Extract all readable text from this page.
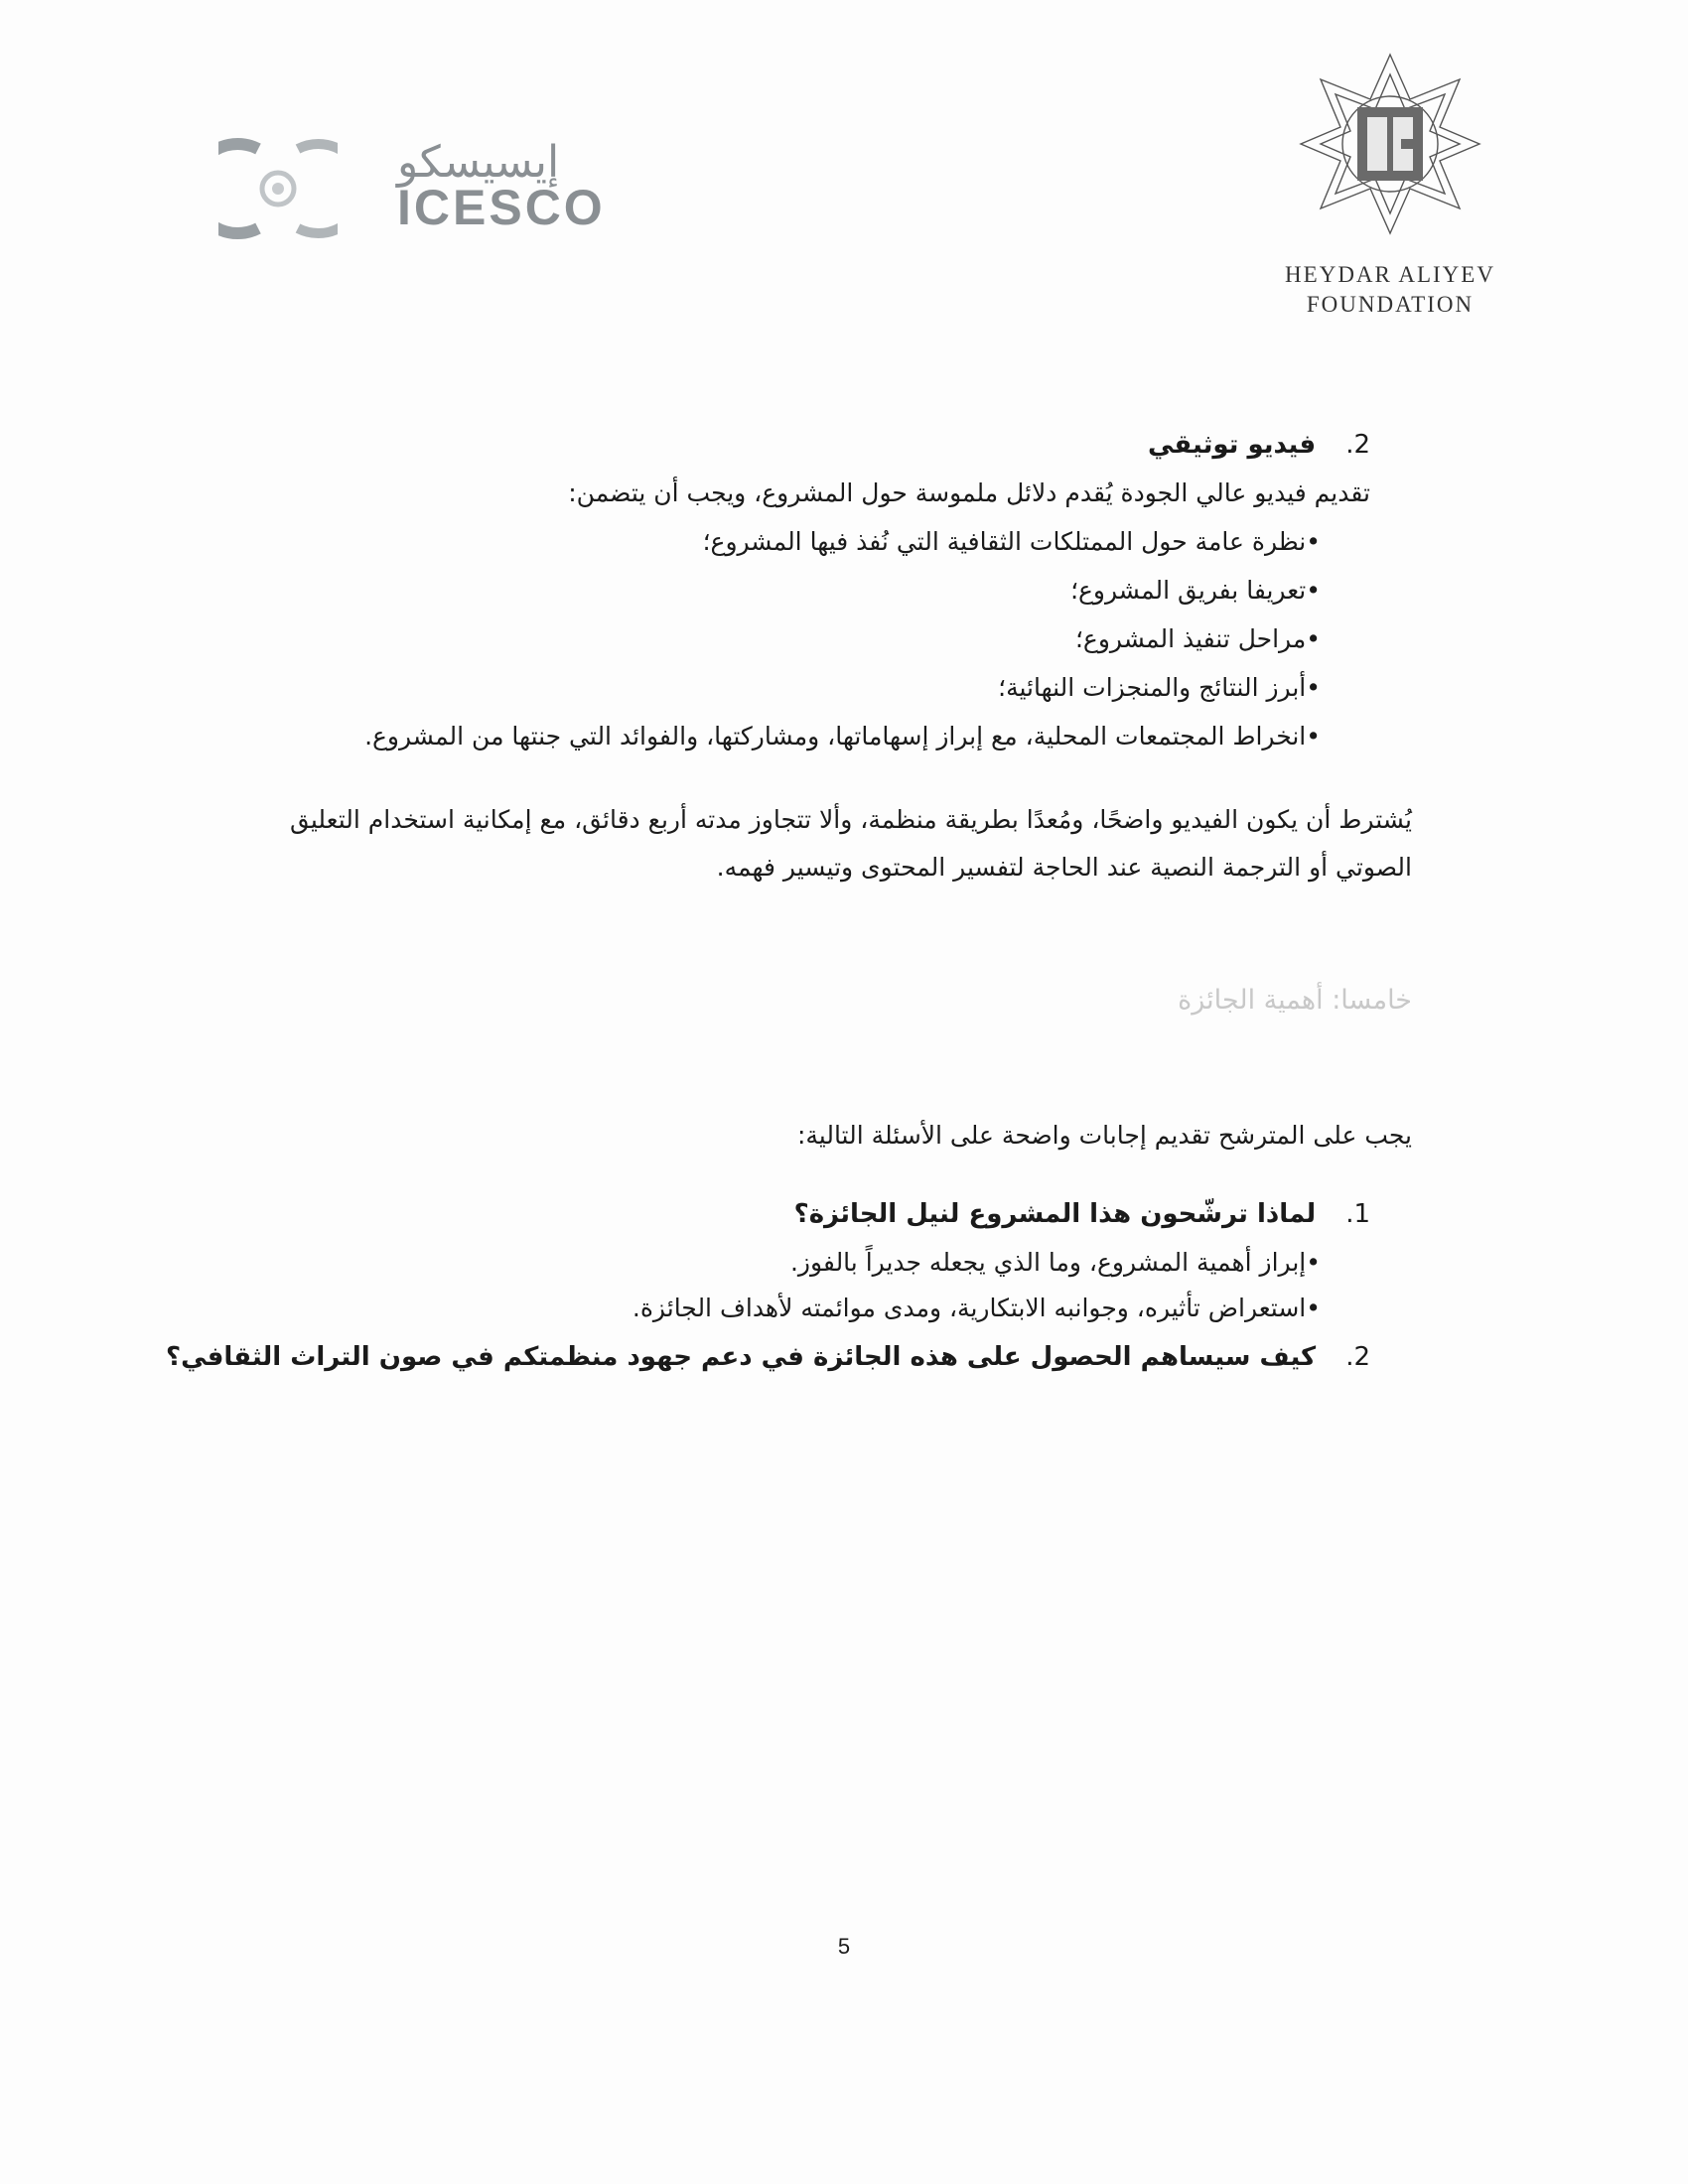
إيسيسكو
ICESCO
HEYDAR ALIYEV
FOUNDATION
2.فيديو توثيقي
تقديم فيديو عالي الجودة يُقدم دلائل ملموسة حول المشروع، ويجب أن يتضمن:
•نظرة عامة حول الممتلكات الثقافية التي نُفذ فيها المشروع؛
•تعريفا بفريق المشروع؛
•مراحل تنفيذ المشروع؛
•أبرز النتائج والمنجزات النهائية؛
•انخراط المجتمعات المحلية، مع إبراز إسهاماتها، ومشاركتها، والفوائد التي جنتها من المشروع.
يُشترط أن يكون الفيديو واضحًا، ومُعدًا بطريقة منظمة، وألا تتجاوز مدته أربع دقائق، مع إمكانية استخدام التعليق
الصوتي أو الترجمة النصية عند الحاجة لتفسير المحتوى وتيسير فهمه.
خامسا: أهمية الجائزة
يجب على المترشح تقديم إجابات واضحة على الأسئلة التالية:
1.لماذا ترشّحون هذا المشروع لنيل الجائزة؟
•إبراز أهمية المشروع، وما الذي يجعله جديراً بالفوز.
•استعراض تأثيره، وجوانبه الابتكارية، ومدى موائمته لأهداف الجائزة.
2.كيف سيساهم الحصول على هذه الجائزة في دعم جهود منظمتكم في صون التراث الثقافي؟
5
